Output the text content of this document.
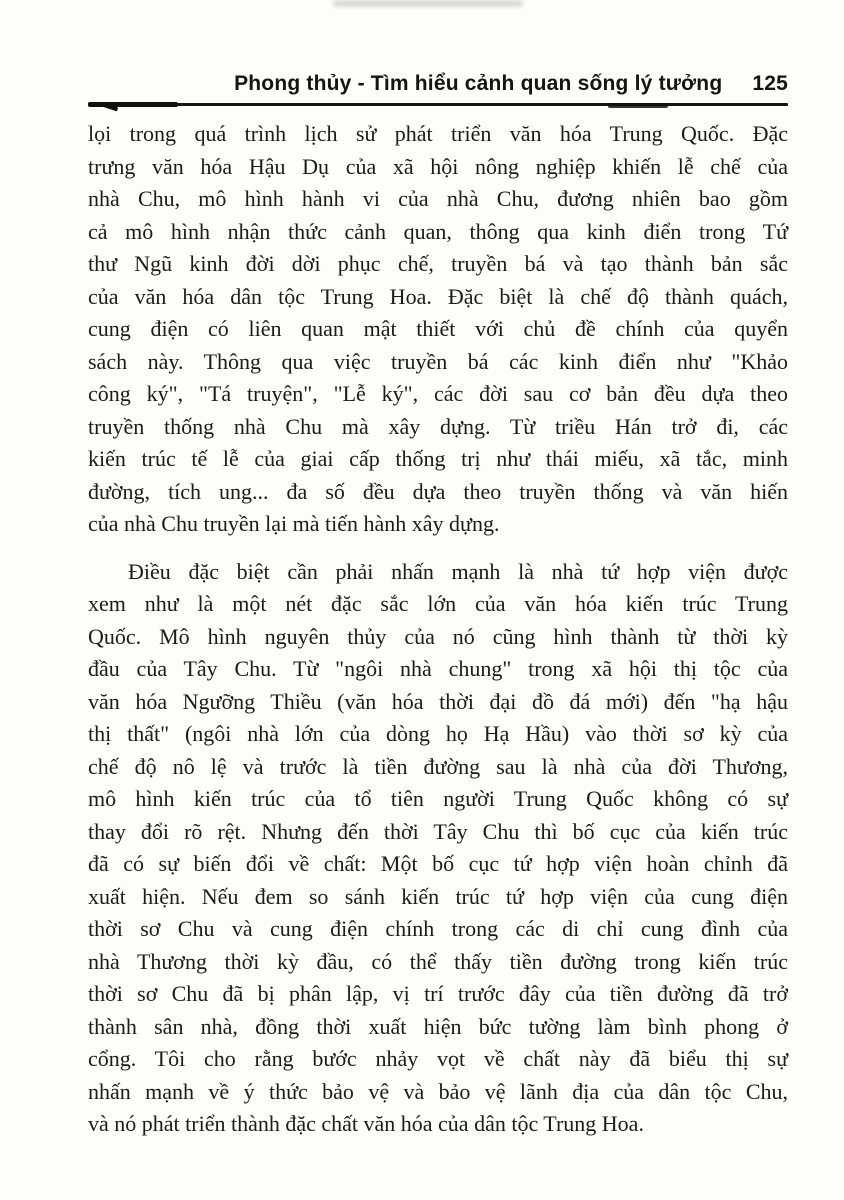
Phong thủy - Tìm hiểu cảnh quan sống lý tưởng 125
lọi trong quá trình lịch sử phát triển văn hóa Trung Quốc. Đặc
trưng văn hóa Hậu Dụ của xã hội nông nghiệp khiến lễ chế của
nhà Chu, mô hình hành vi của nhà Chu, đương nhiên bao gồm
cả mô hình nhận thức cảnh quan, thông qua kinh điển trong Tứ
thư Ngũ kinh đời dời phục chế, truyền bá và tạo thành bản sắc
của văn hóa dân tộc Trung Hoa. Đặc biệt là chế độ thành quách,
cung điện có liên quan mật thiết với chủ đề chính của quyển
sách này. Thông qua việc truyền bá các kinh điển như "Khảo
công ký", "Tá truyện", "Lễ ký", các đời sau cơ bản đều dựa theo
truyền thống nhà Chu mà xây dựng. Từ triều Hán trở đi, các
kiến trúc tế lễ của giai cấp thống trị như thái miếu, xã tắc, minh
đường, tích ung... đa số đều dựa theo truyền thống và văn hiến
của nhà Chu truyền lại mà tiến hành xây dựng.
Điều đặc biệt cần phải nhấn mạnh là nhà tứ hợp viện được
xem như là một nét đặc sắc lớn của văn hóa kiến trúc Trung
Quốc. Mô hình nguyên thủy của nó cũng hình thành từ thời kỳ
đầu của Tây Chu. Từ "ngôi nhà chung" trong xã hội thị tộc của
văn hóa Ngưỡng Thiều (văn hóa thời đại đồ đá mới) đến "hạ hậu
thị thất" (ngôi nhà lớn của dòng họ Hạ Hầu) vào thời sơ kỳ của
chế độ nô lệ và trước là tiền đường sau là nhà của đời Thương,
mô hình kiến trúc của tổ tiên người Trung Quốc không có sự
thay đổi rõ rệt. Nhưng đến thời Tây Chu thì bố cục của kiến trúc
đã có sự biến đổi về chất: Một bố cục tứ hợp viện hoàn chỉnh đã
xuất hiện. Nếu đem so sánh kiến trúc tứ hợp viện của cung điện
thời sơ Chu và cung điện chính trong các di chỉ cung đình của
nhà Thương thời kỳ đầu, có thể thấy tiền đường trong kiến trúc
thời sơ Chu đã bị phân lập, vị trí trước đây của tiền đường đã trở
thành sân nhà, đồng thời xuất hiện bức tường làm bình phong ở
cổng. Tôi cho rằng bước nhảy vọt về chất này đã biểu thị sự
nhấn mạnh về ý thức bảo vệ và bảo vệ lãnh địa của dân tộc Chu,
và nó phát triển thành đặc chất văn hóa của dân tộc Trung Hoa.
